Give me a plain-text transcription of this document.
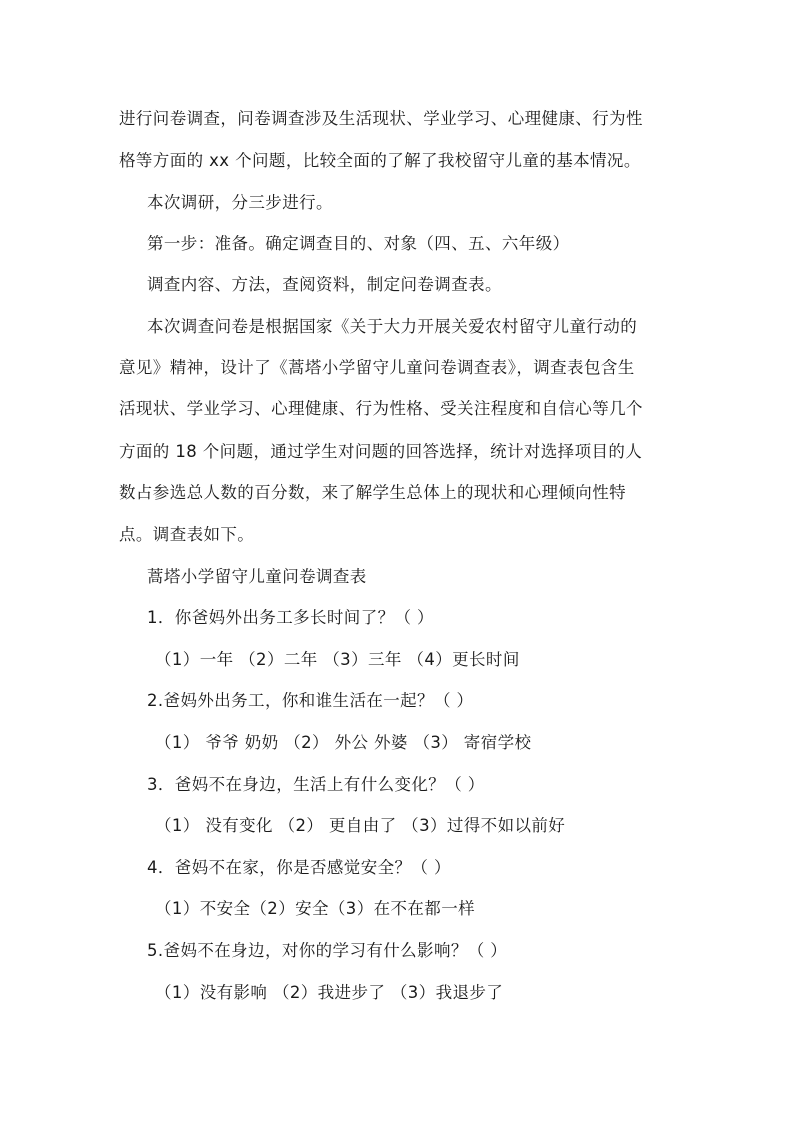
进行问卷调查，问卷调查涉及生活现状、学业学习、心理健康、行为性
格等方面的 xx 个问题，比较全面的了解了我校留守儿童的基本情况。
本次调研，分三步进行。
第一步：准备。确定调查目的、对象（四、五、六年级）
调查内容、方法，查阅资料，制定问卷调查表。
本次调查问卷是根据国家《关于大力开展关爱农村留守儿童行动的
意见》精神，设计了《蒿塔小学留守儿童问卷调查表》，调查表包含生
活现状、学业学习、心理健康、行为性格、受关注程度和自信心等几个
方面的 18 个问题，通过学生对问题的回答选择，统计对选择项目的人
数占参选总人数的百分数，来了解学生总体上的现状和心理倾向性特
点。调查表如下。
蒿塔小学留守儿童问卷调查表
1．你爸妈外出务工多长时间了？（ ）
（1）一年 （2）二年 （3）三年 （4）更长时间
2.爸妈外出务工，你和谁生活在一起？（ ）
（1） 爷爷 奶奶 （2） 外公 外婆 （3） 寄宿学校
3．爸妈不在身边，生活上有什么变化？（ ）
（1） 没有变化 （2） 更自由了 （3）过得不如以前好
4．爸妈不在家，你是否感觉安全？（ ）
（1）不安全（2）安全（3）在不在都一样
5.爸妈不在身边，对你的学习有什么影响？（ ）
（1）没有影响 （2）我进步了 （3）我退步了
